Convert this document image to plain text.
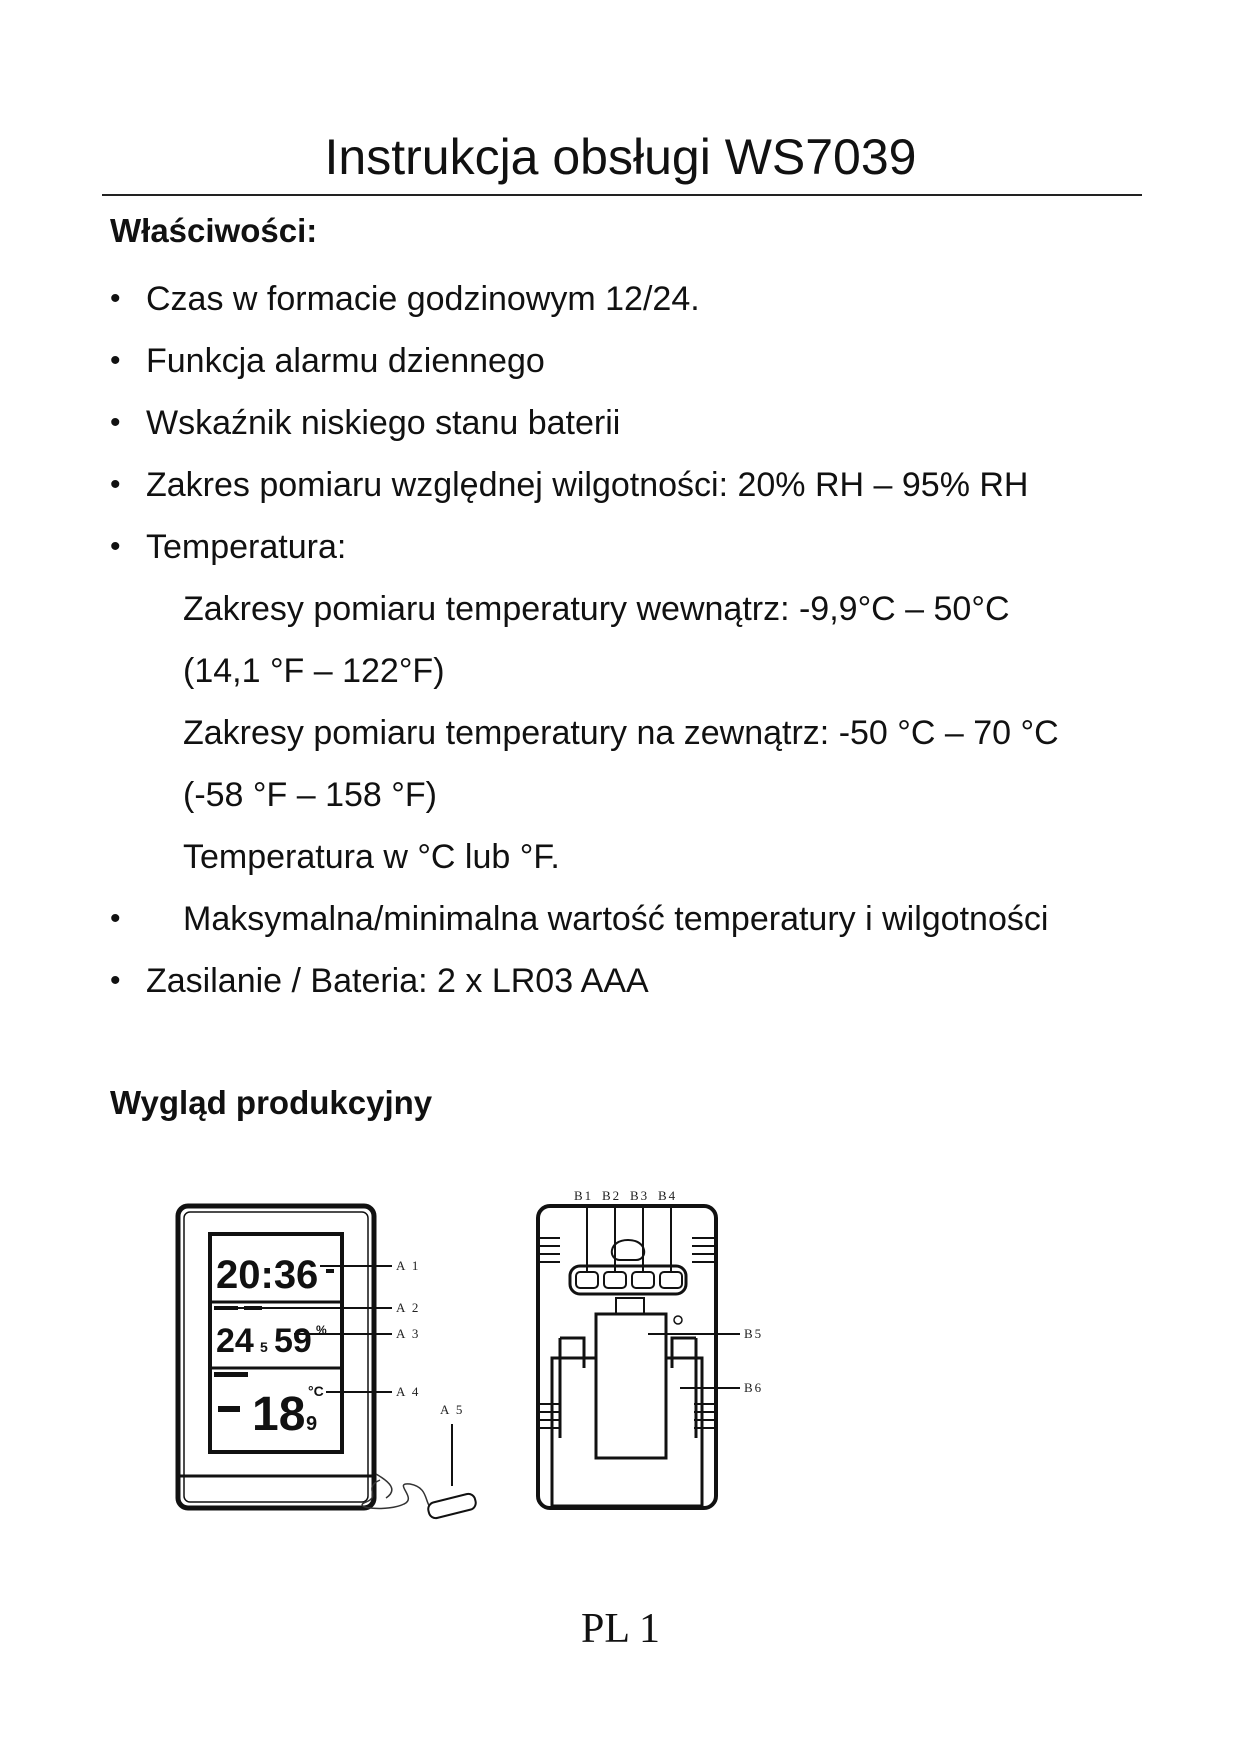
Instrukcja obsługi WS7039
Właściwości:
• Czas w formacie godzinowym 12/24.
• Funkcja alarmu dziennego
• Wskaźnik niskiego stanu baterii
• Zakres pomiaru względnej wilgotności: 20% RH – 95% RH
• Temperatura:
Zakresy pomiaru temperatury wewnątrz: -9,9°C – 50°C
(14,1 °F – 122°F)
Zakresy pomiaru temperatury na zewnątrz: -50 °C – 70 °C
(-58 °F – 158 °F)
Temperatura w °C lub °F.
• Maksymalna/minimalna wartość temperatury i wilgotności
• Zasilanie / Bateria: 2 x LR03 AAA
Wygląd produkcyjny
20:36
24 5 59 %
18 9
°C
A 1
A 2
A 3
A 4
A 5
B1 B2 B3 B4
B5
B6
PL 1
